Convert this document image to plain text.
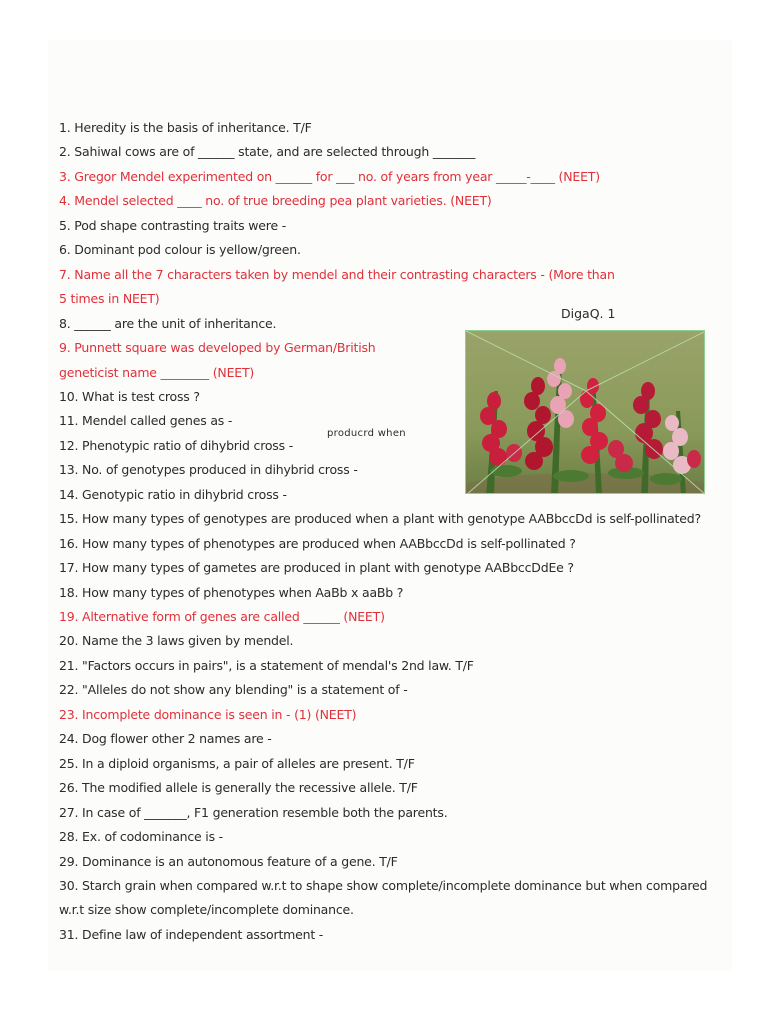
1. Heredity is the basis of inheritance. T/F
2. Sahiwal cows are of ______ state, and are selected through _______
3. Gregor Mendel experimented on ______ for ___ no. of years from year _____-____ (NEET)
4. Mendel selected ____ no. of true breeding pea plant varieties. (NEET)
5. Pod shape contrasting traits were -
6. Dominant pod colour is yellow/green.
7. Name all the 7 characters taken by mendel and their contrasting characters - (More than
5 times in NEET)
8. ______ are the unit of inheritance.
9. Punnett square was developed by German/British
geneticist name ________ (NEET)
10. What is test cross ?
11. Mendel called genes as -
12. Phenotypic ratio of dihybrid cross -
13. No. of genotypes produced in dihybrid cross -
14. Genotypic ratio in dihybrid cross -
15. How many types of genotypes are produced when a plant with genotype AABbccDd is self-pollinated?
16. How many types of phenotypes are produced when AABbccDd is self-pollinated ?
17. How many types of gametes are produced in plant with genotype AABbccDdEe ?
18. How many types of phenotypes when AaBb x aaBb ?
19. Alternative form of genes are called ______ (NEET)
20. Name the 3 laws given by mendel.
21. "Factors occurs in pairs", is a statement of mendal's 2nd law. T/F
22. "Alleles do not show any blending" is a statement of -
23. Incomplete dominance is seen in - (1) (NEET)
24. Dog flower other 2 names are -
25. In a diploid organisms, a pair of alleles are present. T/F
26. The modified allele is generally the recessive allele. T/F
27. In case of _______, F1 generation resemble both the parents.
28. Ex. of codominance is -
29. Dominance is an autonomous feature of a gene. T/F
30. Starch grain when compared w.r.t to shape show complete/incomplete dominance but when compared
w.r.t size show complete/incomplete dominance.
31. Define law of independent assortment -
DigaQ. 1
producrd when
